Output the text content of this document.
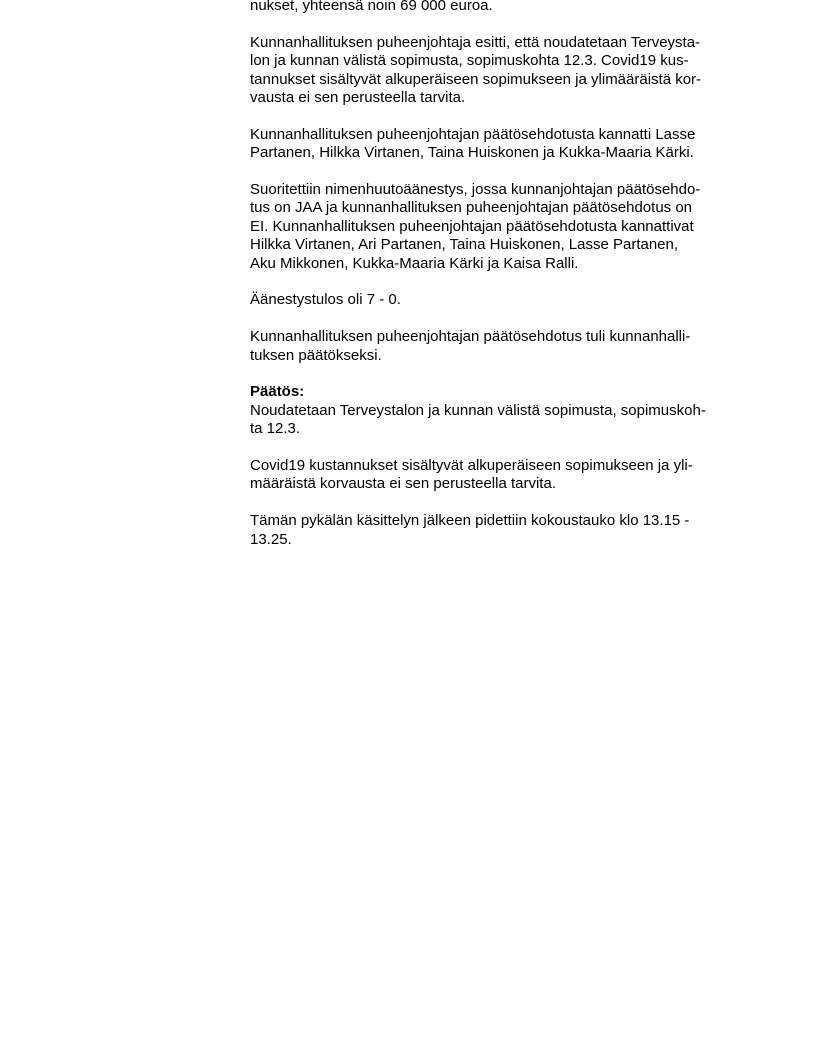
nukset, yhteensä noin 69 000 euroa.

Kunnanhallituksen puheenjohtaja esitti, että noudatetaan Terveysta-
lon ja kunnan välistä sopimusta, sopimuskohta 12.3. Covid19 kus-
tannukset sisältyvät alkuperäiseen sopimukseen ja ylimääräistä kor-
vausta ei sen perusteella tarvita.

Kunnanhallituksen puheenjohtajan päätösehdotusta kannatti Lasse
Partanen, Hilkka Virtanen, Taina Huiskonen ja Kukka-Maaria Kärki.

Suoritettiin nimenhuutoäänestys, jossa kunnanjohtajan päätösehdo-
tus on JAA ja kunnanhallituksen puheenjohtajan päätösehdotus on
EI. Kunnanhallituksen puheenjohtajan päätösehdotusta kannattivat
Hilkka Virtanen, Ari Partanen, Taina Huiskonen, Lasse Partanen,
Aku Mikkonen, Kukka-Maaria Kärki ja Kaisa Ralli.

Äänestystulos oli 7 - 0.

Kunnanhallituksen puheenjohtajan päätösehdotus tuli kunnanhalli-
tuksen päätökseksi.

Päätös:
Noudatetaan Terveystalon ja kunnan välistä sopimusta, sopimuskoh-
ta 12.3.

Covid19 kustannukset sisältyvät alkuperäiseen sopimukseen ja yli-
määräistä korvausta ei sen perusteella tarvita.

Tämän pykälän käsittelyn jälkeen pidettiin kokoustauko klo 13.15 -
13.25.
